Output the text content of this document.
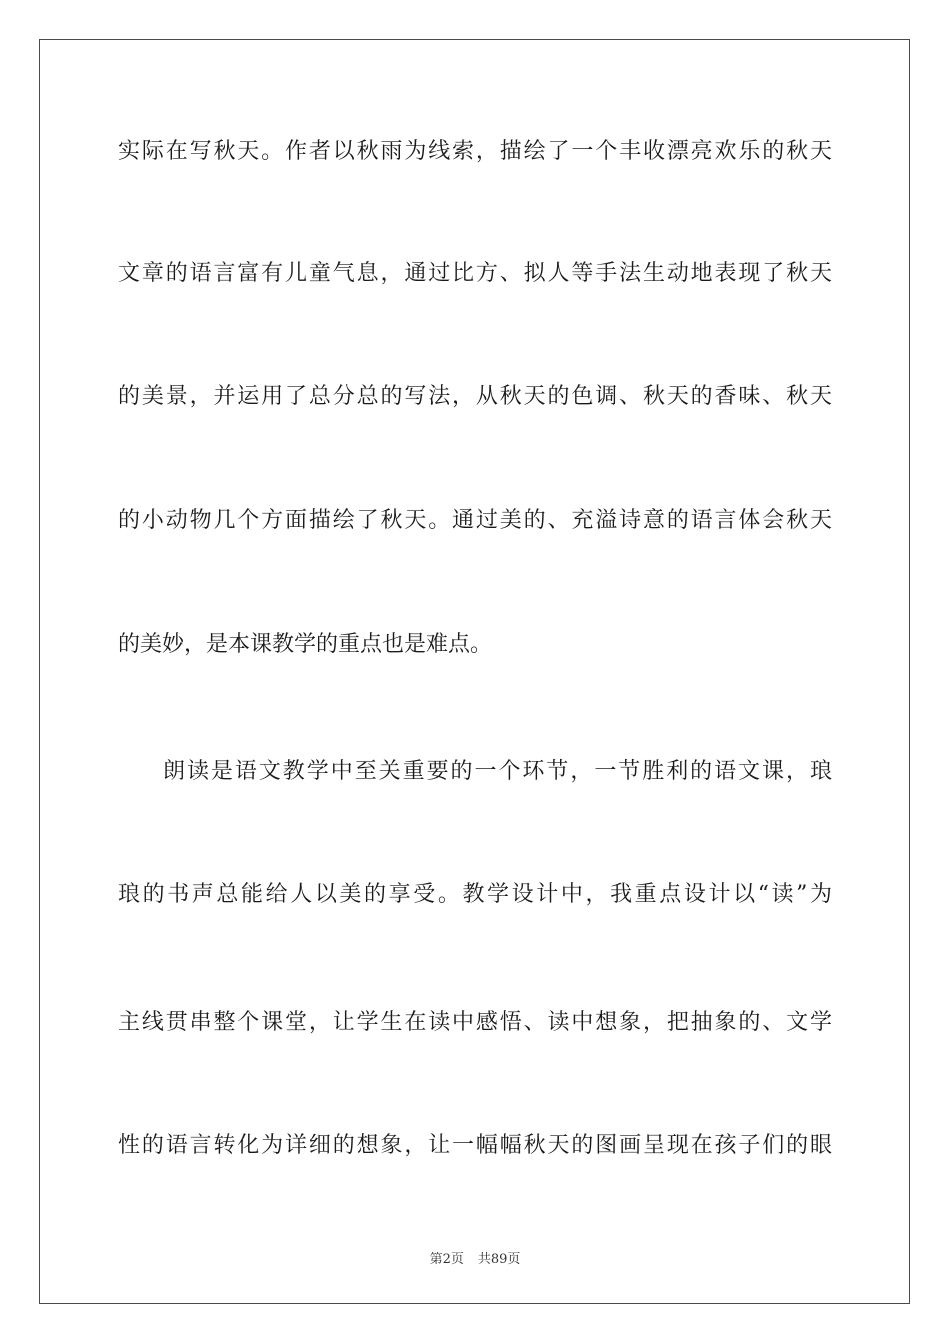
实际在写秋天。作者以秋雨为线索，描绘了一个丰收漂亮欢乐的秋天
文章的语言富有儿童气息，通过比方、拟人等手法生动地表现了秋天
的美景，并运用了总分总的写法，从秋天的色调、秋天的香味、秋天
的小动物几个方面描绘了秋天。通过美的、充溢诗意的语言体会秋天
的美妙，是本课教学的重点也是难点。
朗读是语文教学中至关重要的一个环节，一节胜利的语文课，琅
琅的书声总能给人以美的享受。教学设计中，我重点设计以“读”为
主线贯串整个课堂，让学生在读中感悟、读中想象，把抽象的、文学
性的语言转化为详细的想象，让一幅幅秋天的图画呈现在孩子们的眼
第2页 共89页
